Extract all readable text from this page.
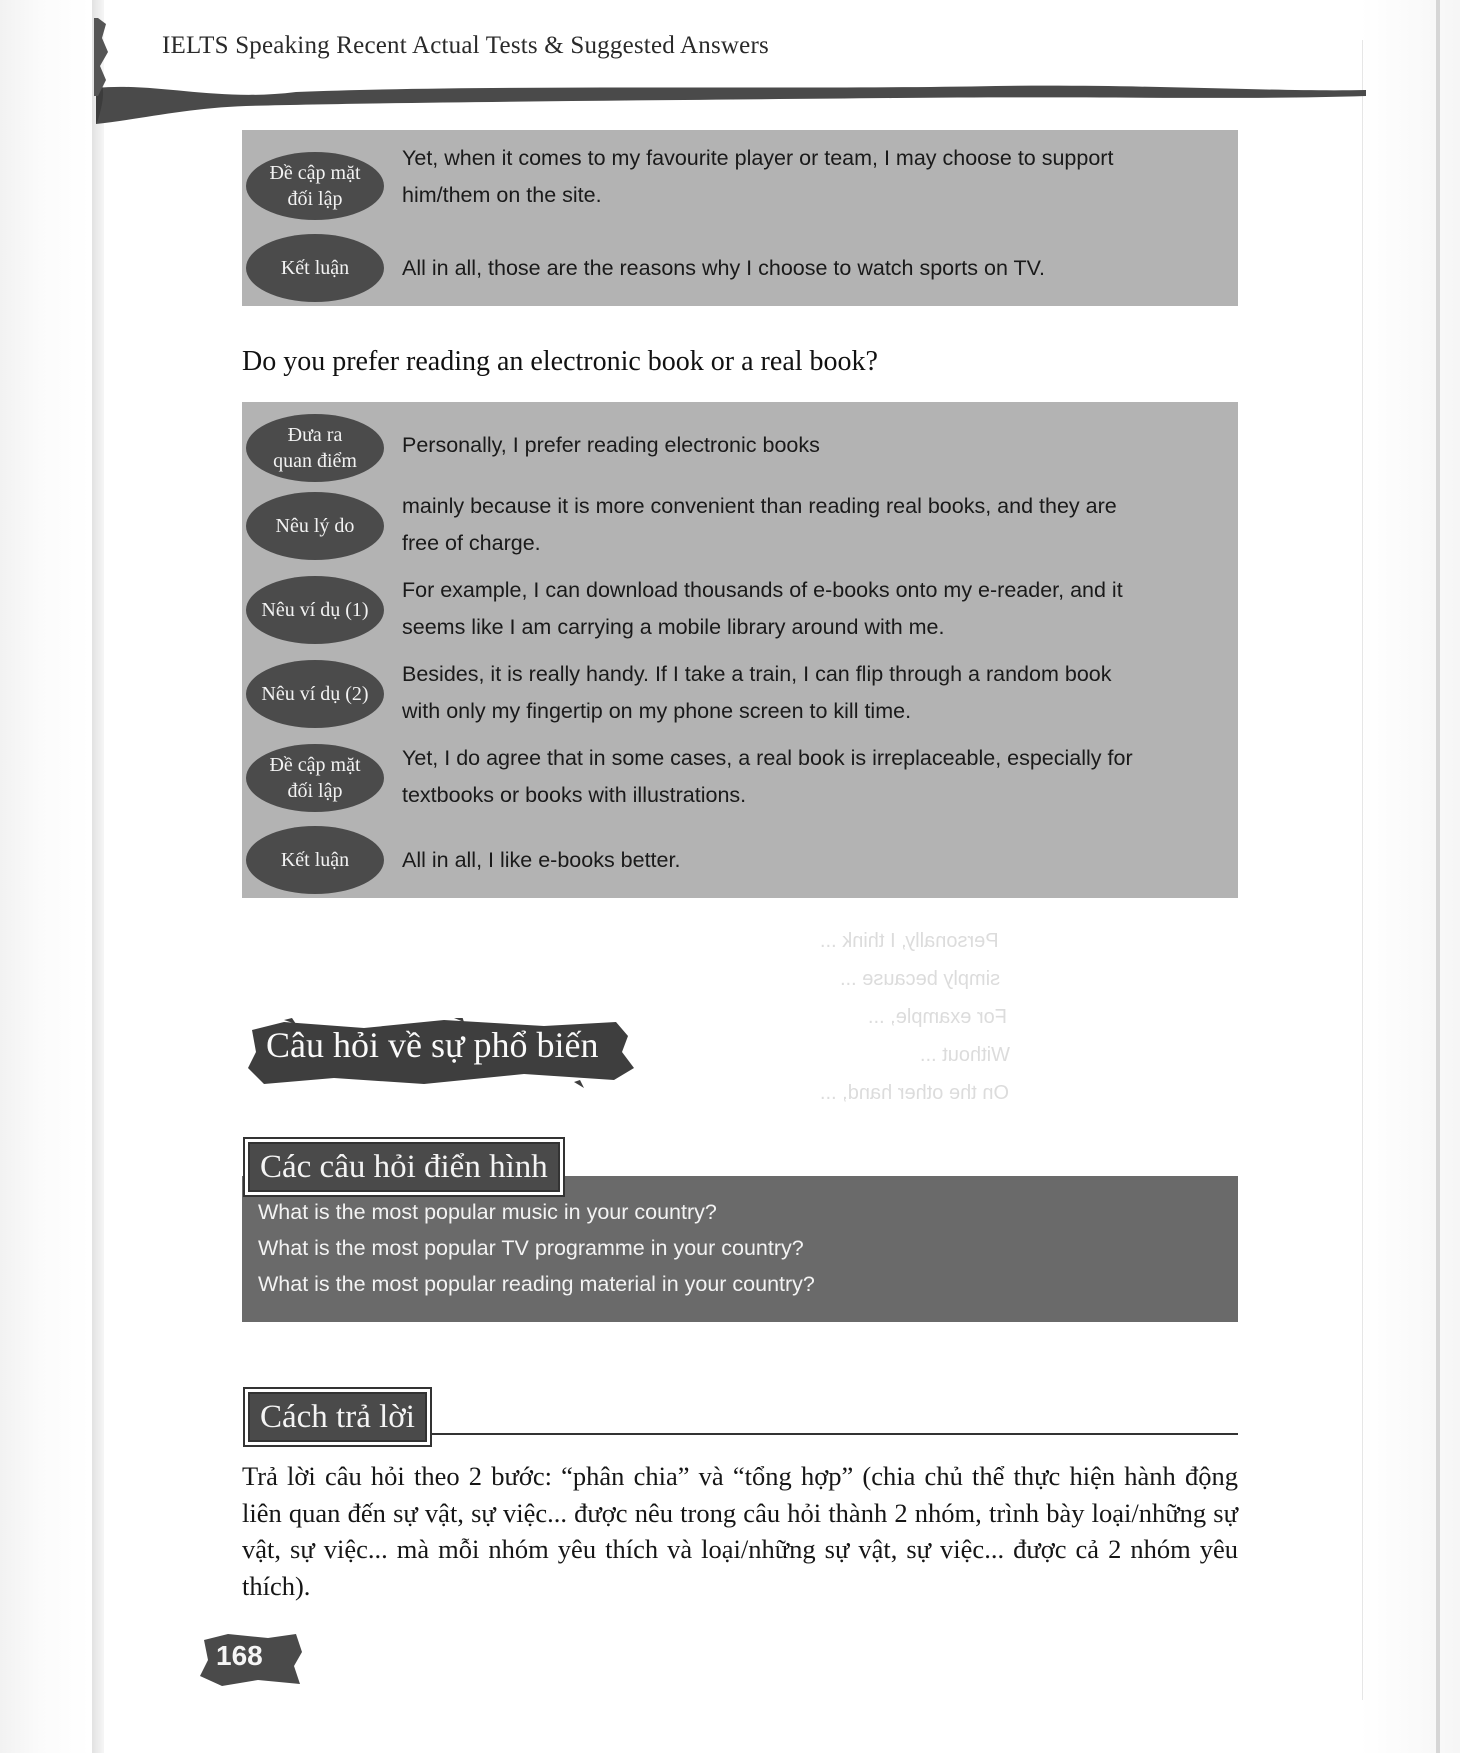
Personally, I think ...
simply because ...
For example, ...
Without ...
On the other hand, ...
IELTS Speaking Recent Actual Tests & Suggested Answers
Đề cập mặt
đối lập
Yet, when it comes to my favourite player or team, I may choose to support
him/them on the site.
Kết luận All in all, those are the reasons why I choose to watch sports on TV.
Do you prefer reading an electronic book or a real book?
Đưa ra
quan điểm
Personally, I prefer reading electronic books
Nêu lý do
mainly because it is more convenient than reading real books, and they are
free of charge.
Nêu ví dụ (1)
For example, I can download thousands of e-books onto my e-reader, and it
seems like I am carrying a mobile library around with me.
Nêu ví dụ (2)
Besides, it is really handy. If I take a train, I can flip through a random book
with only my fingertip on my phone screen to kill time.
Đề cập mặt
đối lập
Yet, I do agree that in some cases, a real book is irreplaceable, especially for
textbooks or books with illustrations.
Kết luận All in all, I like e-books better.
Câu hỏi về sự phổ biến
Các câu hỏi điển hình
What is the most popular music in your country?
What is the most popular TV programme in your country?
What is the most popular reading material in your country?
Cách trả lời
Trả lời câu hỏi theo 2 bước: “phân chia” và “tổng hợp” (chia chủ thể thực hiện hành động liên quan đến sự vật, sự việc... được nêu trong câu hỏi thành 2 nhóm, trình bày loại/những sự vật, sự việc... mà mỗi nhóm yêu thích và loại/những sự vật, sự việc... được cả 2 nhóm yêu thích).
168
